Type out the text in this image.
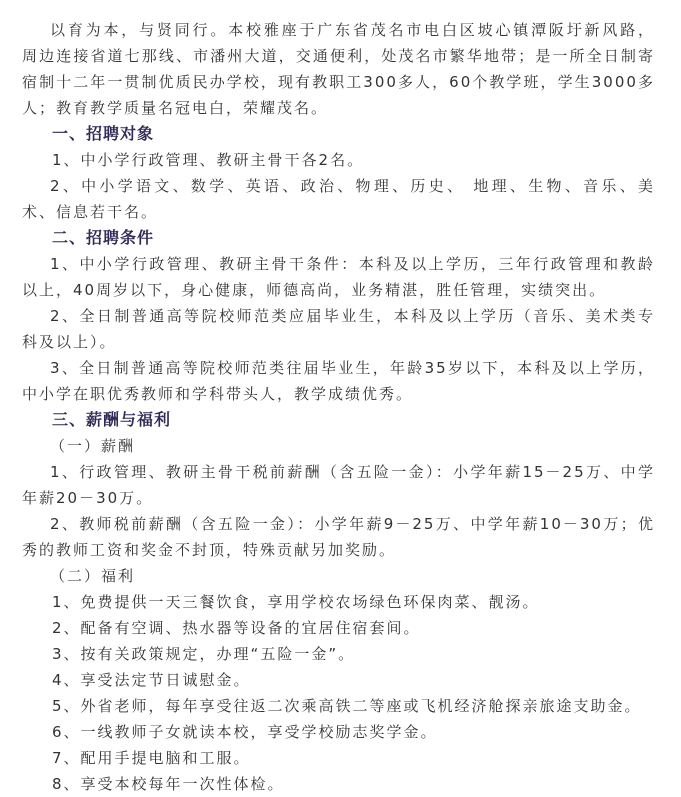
以育为本，与贤同行。本校雅座于广东省茂名市电白区坡心镇潭阪圩新风路，
周边连接省道七那线、市潘州大道，交通便利，处茂名市繁华地带；是一所全日制寄
宿制十二年一贯制优质民办学校，现有教职工300多人，60个教学班，学生3000多
人；教育教学质量名冠电白，荣耀茂名。
一、招聘对象
1、中小学行政管理、教研主骨干各2名。
2、中小学语文、数学、英语、政治、物理、历史、 地理、生物、音乐、美
术、信息若干名。
二、招聘条件
1、中小学行政管理、教研主骨干条件：本科及以上学历，三年行政管理和教龄
以上，40周岁以下，身心健康，师德高尚，业务精湛，胜任管理，实绩突出。
2、全日制普通高等院校师范类应届毕业生，本科及以上学历（音乐、美术类专
科及以上）。
3、全日制普通高等院校师范类往届毕业生，年龄35岁以下，本科及以上学历，
中小学在职优秀教师和学科带头人，教学成绩优秀。
三、薪酬与福利
（一）薪酬
1、行政管理、教研主骨干税前薪酬（含五险一金）：小学年薪15－25万、中学
年薪20－30万。
2、教师税前薪酬（含五险一金）：小学年薪9－25万、中学年薪10－30万；优
秀的教师工资和奖金不封顶，特殊贡献另加奖励。
（二）福利
1、免费提供一天三餐饮食，享用学校农场绿色环保肉菜、靓汤。
2、配备有空调、热水器等设备的宜居住宿套间。
3、按有关政策规定，办理“五险一金”。
4、享受法定节日诚慰金。
5、外省老师，每年享受往返二次乘高铁二等座或飞机经济舱探亲旅途支助金。
6、一线教师子女就读本校，享受学校励志奖学金。
7、配用手提电脑和工服。
8、享受本校每年一次性体检。
